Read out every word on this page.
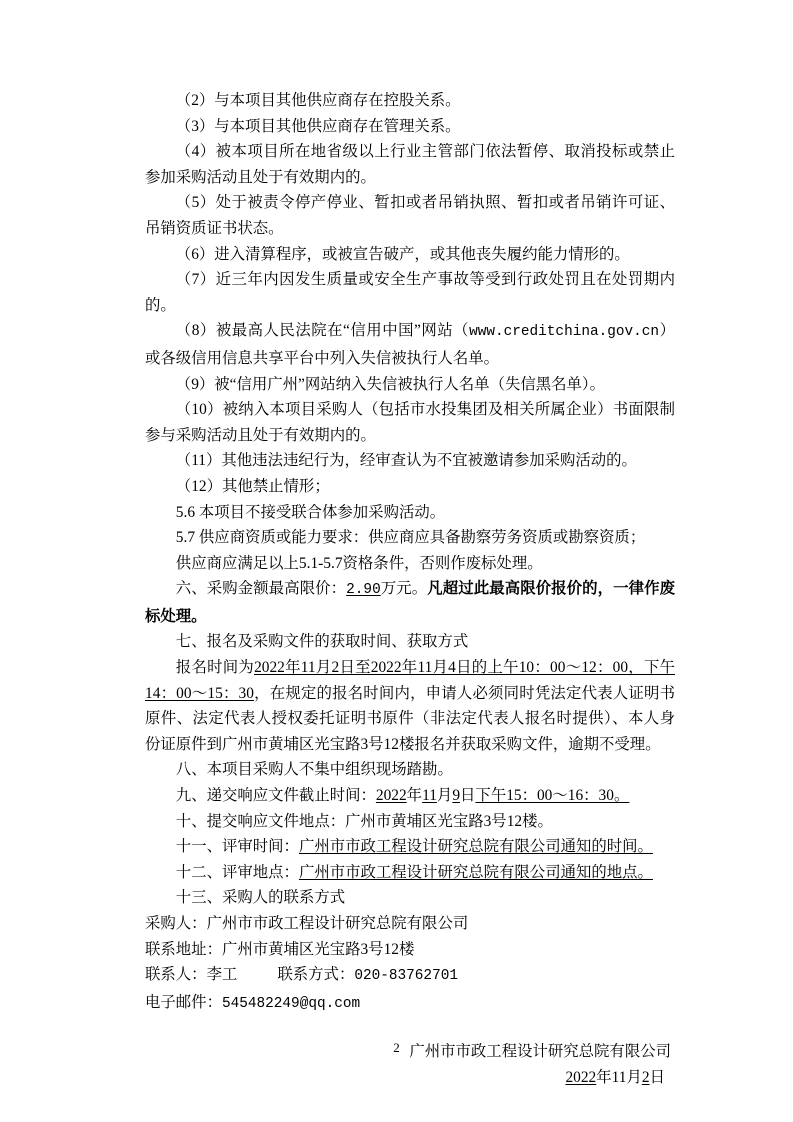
（2）与本项目其他供应商存在控股关系。

（3）与本项目其他供应商存在管理关系。

（4）被本项目所在地省级以上行业主管部门依法暂停、取消投标或禁止参加采购活动且处于有效期内的。

（5）处于被责令停产停业、暂扣或者吊销执照、暂扣或者吊销许可证、吊销资质证书状态。

（6）进入清算程序，或被宣告破产，或其他丧失履约能力情形的。

（7）近三年内因发生质量或安全生产事故等受到行政处罚且在处罚期内的。

（8）被最高人民法院在“信用中国”网站（www.creditchina.gov.cn）或各级信用信息共享平台中列入失信被执行人名单。

（9）被“信用广州”网站纳入失信被执行人名单（失信黑名单）。

（10）被纳入本项目采购人（包括市水投集团及相关所属企业）书面限制参与采购活动且处于有效期内的。

（11）其他违法违纪行为，经审查认为不宜被邀请参加采购活动的。

（12）其他禁止情形；

5.6 本项目不接受联合体参加采购活动。

5.7 供应商资质或能力要求：供应商应具备勘察劳务资质或勘察资质；

供应商应满足以上5.1-5.7资格条件，否则作废标处理。

六、采购金额最高限价：2.90万元。凡超过此最高限价报价的，一律作废标处理。

七、报名及采购文件的获取时间、获取方式

报名时间为2022年11月2日至2022年11月4日的上午10：00～12：00，下午14：00～15：30，在规定的报名时间内，申请人必须同时凭法定代表人证明书原件、法定代表人授权委托证明书原件（非法定代表人报名时提供）、本人身份证原件到广州市黄埔区光宝路3号12楼报名并获取采购文件，逾期不受理。

八、本项目采购人不集中组织现场踏勘。

九、递交响应文件截止时间：2022年11月9日下午15：00～16：30。

十、提交响应文件地点：广州市黄埔区光宝路3号12楼。

十一、评审时间：广州市市政工程设计研究总院有限公司通知的时间。

十二、评审地点：广州市市政工程设计研究总院有限公司通知的地点。

十三、采购人的联系方式

采购人：广州市市政工程设计研究总院有限公司

联系地址：广州市黄埔区光宝路3号12楼

联系人：李工	联系方式：020-83762701

电子邮件：545482249@qq.com

广州市市政工程设计研究总院有限公司
2022年11月2日
2
